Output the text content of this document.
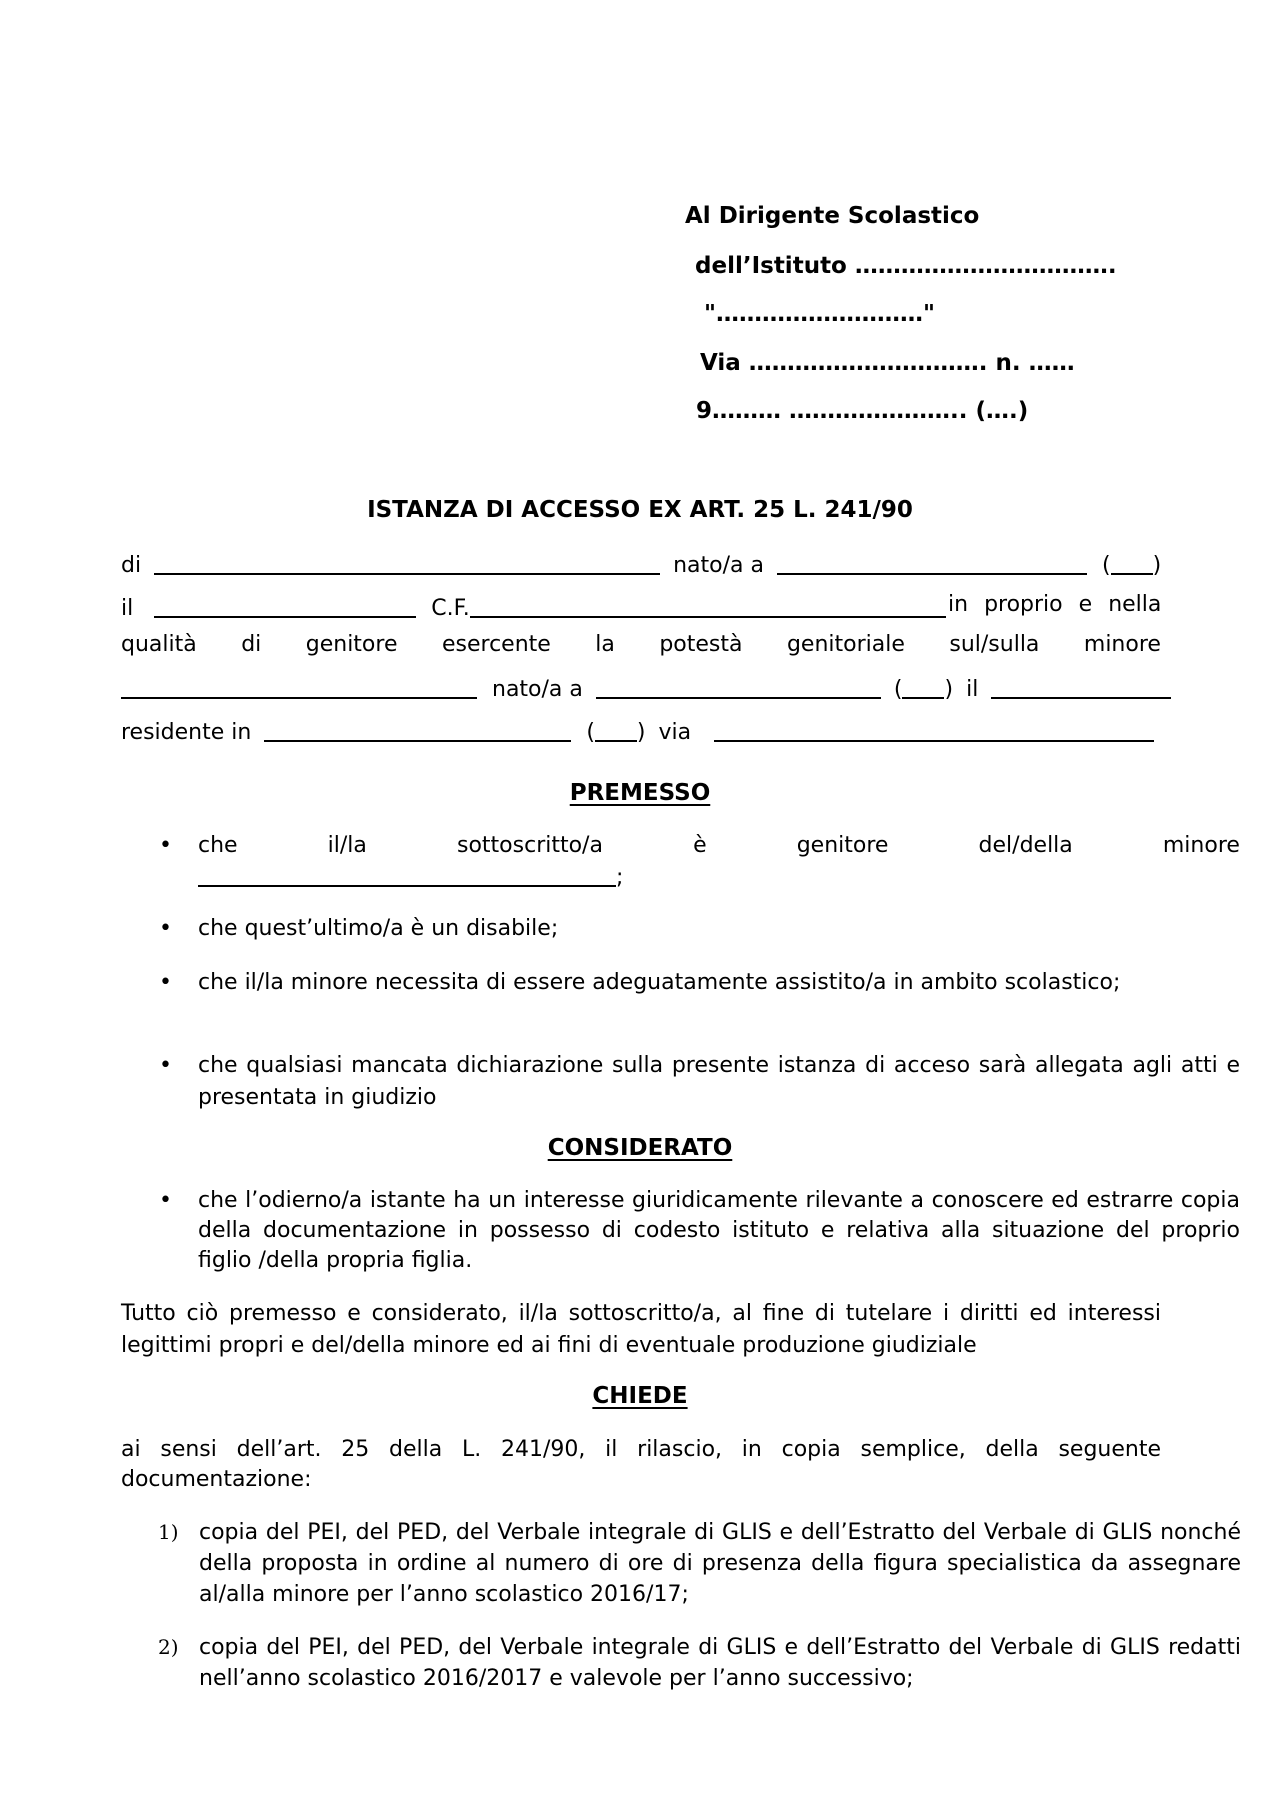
Al Dirigente Scolastico
dell’Istituto …………………………….
"………………………"
Via …………………………. n. ……
9……… ………………….. (….)
ISTANZA DI ACCESSO EX ART. 25 L. 241/90
di	nato/a a	( )
il	C.F.	in proprio e nella
qualità di genitore esercente la potestà genitoriale sul/sulla minore
nato/a a	( ) il
residente in	( ) via
PREMESSO
•	che	il/la	sottoscritto/a	è	genitore	del/della	minore
;
•	che quest’ultimo/a è un disabile;
•	che il/la minore necessita di essere adeguatamente assistito/a in ambito scolastico;
•	che qualsiasi mancata dichiarazione sulla presente istanza di acceso sarà allegata agli atti e presentata in giudizio
CONSIDERATO
•	che l’odierno/a istante ha un interesse giuridicamente rilevante a conoscere ed estrarre copia della documentazione in possesso di codesto istituto e relativa alla situazione del proprio figlio /della propria figlia.
Tutto ciò premesso e considerato, il/la sottoscritto/a, al fine di tutelare i diritti ed interessi legittimi propri e del/della minore ed ai fini di eventuale produzione giudiziale
CHIEDE
ai sensi dell’art. 25 della L. 241/90, il rilascio, in copia semplice, della seguente documentazione:
1) copia del PEI, del PED, del Verbale integrale di GLIS e dell’Estratto del Verbale di GLIS nonché della proposta in ordine al numero di ore di presenza della figura specialistica da assegnare al/alla minore per l’anno scolastico 2016/17;
2) copia del PEI, del PED, del Verbale integrale di GLIS e dell’Estratto del Verbale di GLIS redatti nell’anno scolastico 2016/2017 e valevole per l’anno successivo;
